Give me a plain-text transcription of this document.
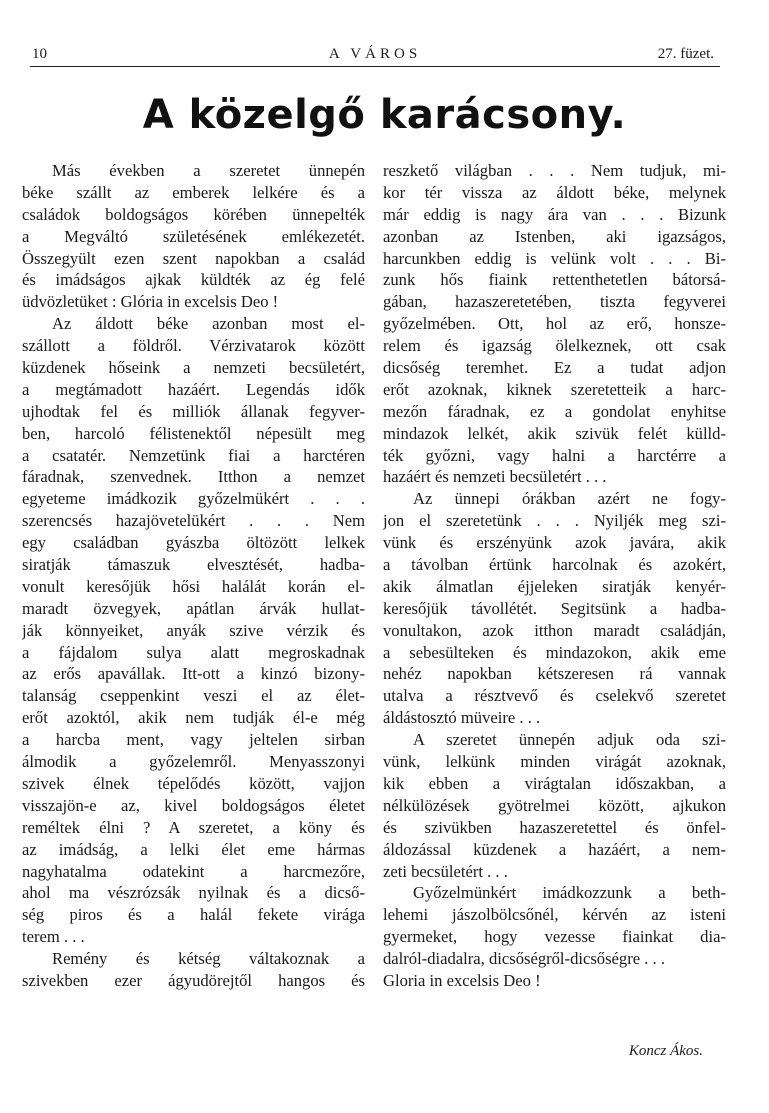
10	A VÁROS	27. füzet.
A közelgő karácsony.
Más években a szeretet ünnepén
béke szállt az emberek lelkére és a
családok boldogságos körében ünnepelték
a Megváltó születésének emlékezetét.
Összegyült ezen szent napokban a család
és imádságos ajkak küldték az ég felé
üdvözletüket : Glória in excelsis Deo !
Az áldott béke azonban most el-
szállott a földről. Vérzivatarok között
küzdenek hőseink a nemzeti becsületért,
a megtámadott hazáért. Legendás idők
ujhodtak fel és milliók állanak fegyver-
ben, harcoló félistenektől népesült meg
a csatatér. Nemzetünk fiai a harctéren
fáradnak, szenvednek. Itthon a nemzet
egyeteme imádkozik győzelmükért . . .
szerencsés hazajövetelükért . . . Nem
egy családban gyászba öltözött lelkek
siratják támaszuk elvesztését, hadba-
vonult keresőjük hősi halálát korán el-
maradt özvegyek, apátlan árvák hullat-
ják könnyeiket, anyák szive vérzik és
a fájdalom sulya alatt megroskadnak
az erős apavállak. Itt-ott a kinzó bizony-
talanság cseppenkint veszi el az élet-
erőt azoktól, akik nem tudják él-e még
a harcba ment, vagy jeltelen sirban
álmodik a győzelemről. Menyasszonyi
szivek élnek tépelődés között, vajjon
visszajön-e az, kivel boldogságos életet
reméltek élni ? A szeretet, a köny és
az imádság, a lelki élet eme hármas
nagyhatalma odatekint a harcmezőre,
ahol ma vészrózsák nyilnak és a dicső-
ség piros és a halál fekete virága
terem . . .
Remény és kétség váltakoznak a
szivekben ezer ágyudörejtől hangos és
reszkető világban . . . Nem tudjuk, mi-
kor tér vissza az áldott béke, melynek
már eddig is nagy ára van . . . Bizunk
azonban az Istenben, aki igazságos,
harcunkben eddig is velünk volt . . . Bi-
zunk hős fiaink rettenthetetlen bátorsá-
gában, hazaszeretetében, tiszta fegyverei
győzelmében. Ott, hol az erő, honsze-
relem és igazság ölelkeznek, ott csak
dicsőség teremhet. Ez a tudat adjon
erőt azoknak, kiknek szeretetteik a harc-
mezőn fáradnak, ez a gondolat enyhitse
mindazok lelkét, akik szivük felét külld-
ték győzni, vagy halni a harctérre a
hazáért és nemzeti becsületért . . .
Az ünnepi órákban azért ne fogy-
jon el szeretetünk . . . Nyiljék meg szi-
vünk és erszényünk azok javára, akik
a távolban értünk harcolnak és azokért,
akik álmatlan éjjeleken siratják kenyér-
keresőjük távollétét. Segitsünk a hadba-
vonultakon, azok itthon maradt családján,
a sebesülteken és mindazokon, akik eme
nehéz napokban kétszeresen rá vannak
utalva a résztvevő és cselekvő szeretet
áldástosztó müveire . . .
A szeretet ünnepén adjuk oda szi-
vünk, lelkünk minden virágát azoknak,
kik ebben a virágtalan időszakban, a
nélkülözések gyötrelmei között, ajkukon
és szivükben hazaszeretettel és önfel-
áldozással küzdenek a hazáért, a nem-
zeti becsületért . . .
Győzelmünkért imádkozzunk a beth-
lehemi jászolbölcsőnél, kérvén az isteni
gyermeket, hogy vezesse fiainkat dia-
dalról-diadalra, dicsőségről-dicsőségre . . .
Gloria in excelsis Deo !
Koncz Ákos.
